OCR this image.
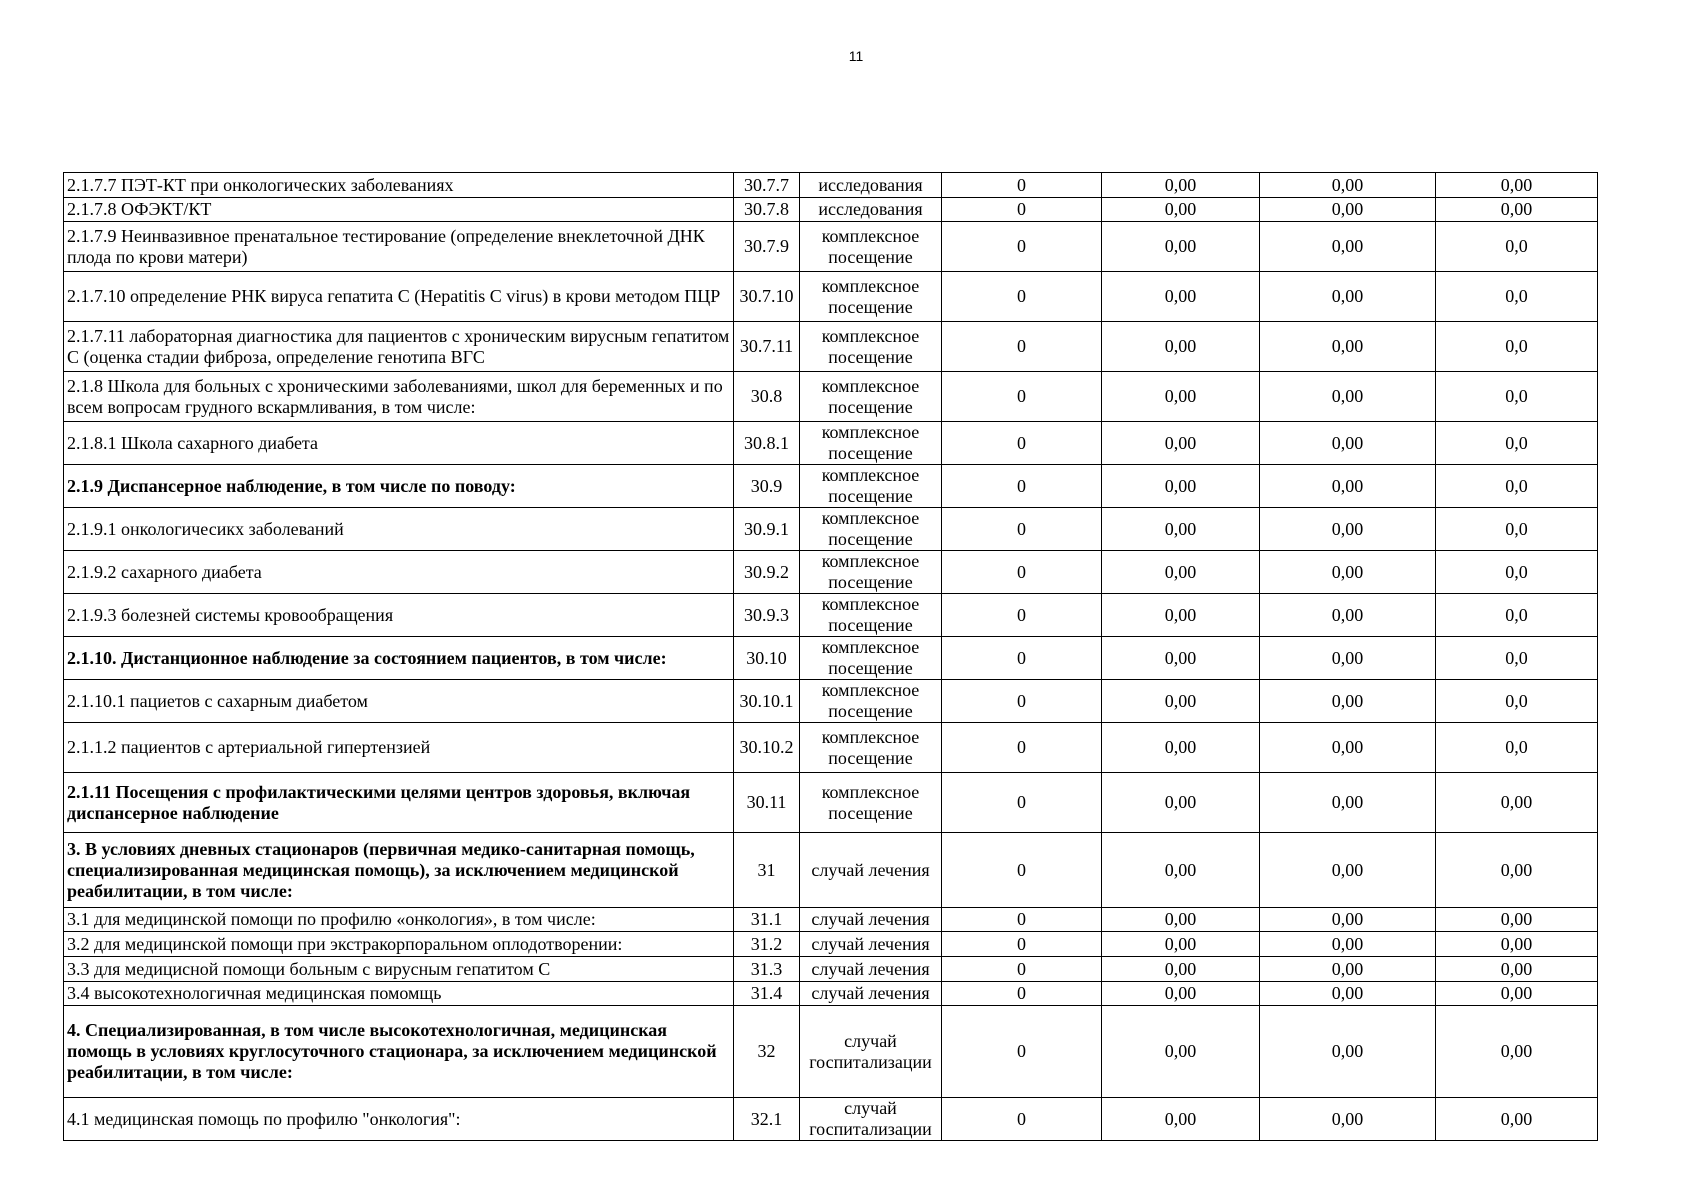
11
2.1.7.7 ПЭТ-КТ при онкологических заболеваниях	30.7.7	исследования	0	0,00	0,00	0,00
2.1.7.8 ОФЭКТ/КТ	30.7.8	исследования	0	0,00	0,00	0,00
2.1.7.9 Неинвазивное пренатальное тестирование (определение внеклеточной ДНК плода по крови матери)	30.7.9	комплексное посещение	0	0,00	0,00	0,0
2.1.7.10 определение РНК вируса гепатита С (Hepatitis C virus) в крови методом ПЦР	30.7.10	комплексное посещение	0	0,00	0,00	0,0
2.1.7.11 лабораторная диагностика для пациентов с хроническим вирусным гепатитом С (оценка стадии фиброза, определение генотипа ВГС	30.7.11	комплексное посещение	0	0,00	0,00	0,0
2.1.8 Школа для больных с хроническими заболеваниями, школ для беременных и по всем вопросам грудного вскармливания, в том числе:	30.8	комплексное посещение	0	0,00	0,00	0,0
2.1.8.1 Школа сахарного диабета	30.8.1	комплексное посещение	0	0,00	0,00	0,0
2.1.9 Диспансерное наблюдение, в том числе по поводу:	30.9	комплексное посещение	0	0,00	0,00	0,0
2.1.9.1 онкологичесикх заболеваний	30.9.1	комплексное посещение	0	0,00	0,00	0,0
2.1.9.2 сахарного диабета	30.9.2	комплексное посещение	0	0,00	0,00	0,0
2.1.9.3 болезней системы кровообращения	30.9.3	комплексное посещение	0	0,00	0,00	0,0
2.1.10. Дистанционное наблюдение за состоянием пациентов, в том числе:	30.10	комплексное посещение	0	0,00	0,00	0,0
2.1.10.1 пациетов с сахарным диабетом	30.10.1	комплексное посещение	0	0,00	0,00	0,0
2.1.1.2 пациентов с артериальной гипертензией	30.10.2	комплексное посещение	0	0,00	0,00	0,0
2.1.11 Посещения с профилактическими целями центров здоровья, включая диспансерное наблюдение	30.11	комплексное посещение	0	0,00	0,00	0,00
3. В условиях дневных стационаров (первичная медико-санитарная помощь, специализированная медицинская помощь), за исключением медицинской реабилитации, в том числе:	31	случай лечения	0	0,00	0,00	0,00
3.1 для медицинской помощи по профилю «онкология», в том числе:	31.1	случай лечения	0	0,00	0,00	0,00
3.2 для медицинской помощи при экстракорпоральном оплодотворении:	31.2	случай лечения	0	0,00	0,00	0,00
3.3 для медицисной помощи больным с вирусным гепатитом С	31.3	случай лечения	0	0,00	0,00	0,00
3.4 высокотехнологичная медицинская помомщь	31.4	случай лечения	0	0,00	0,00	0,00
4. Специализированная, в том числе высокотехнологичная, медицинская помощь в условиях круглосуточного стационара, за исключением медицинской реабилитации, в том числе:	32	случай госпитализации	0	0,00	0,00	0,00
4.1 медицинская помощь по профилю "онкология":	32.1	случай госпитализации	0	0,00	0,00	0,00
